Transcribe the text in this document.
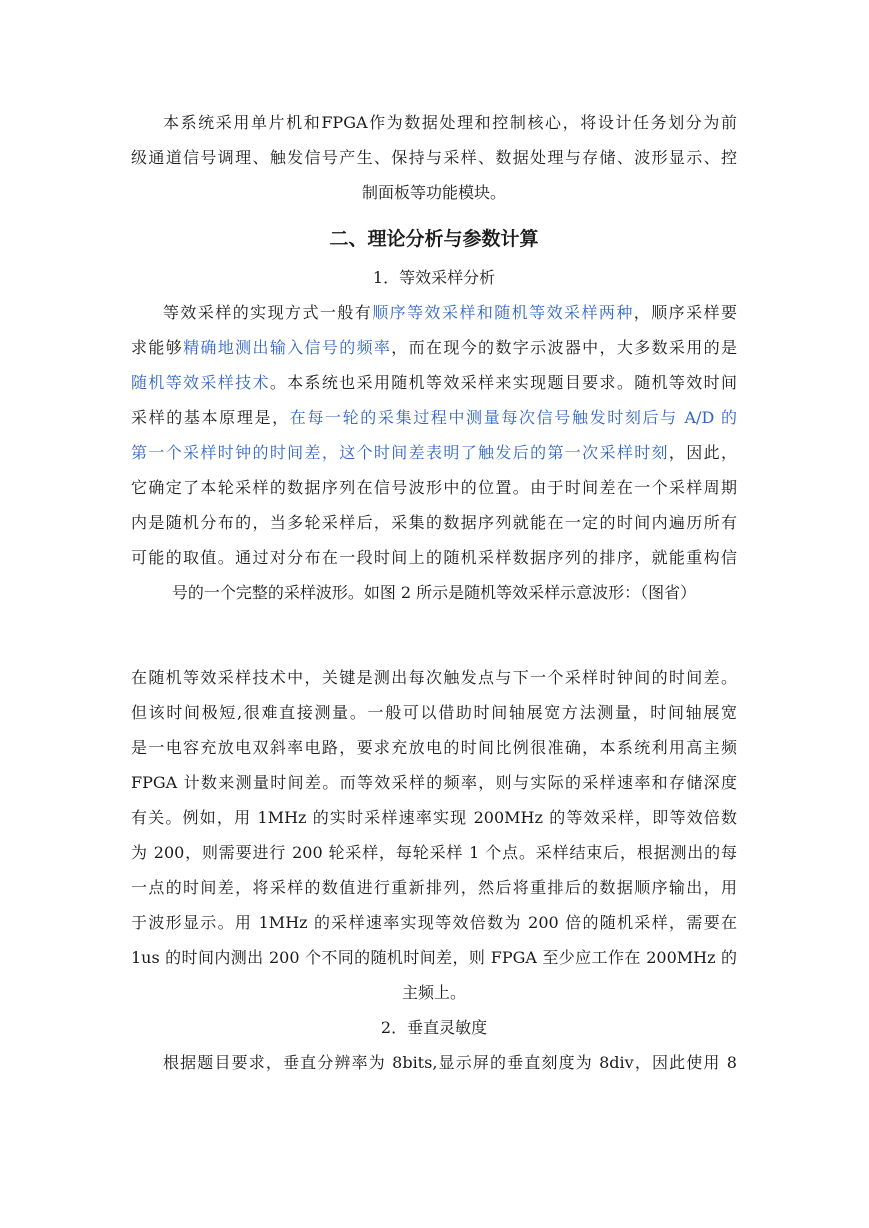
本系统采用单片机和FPGA作为数据处理和控制核心，将设计任务划分为前
级通道信号调理、触发信号产生、保持与采样、数据处理与存储、波形显示、控
制面板等功能模块。
二、理论分析与参数计算
1．等效采样分析
等效采样的实现方式一般有顺序等效采样和随机等效采样两种，顺序采样要
求能够精确地测出输入信号的频率，而在现今的数字示波器中，大多数采用的是
随机等效采样技术。本系统也采用随机等效采样来实现题目要求。随机等效时间
采样的基本原理是，在每一轮的采集过程中测量每次信号触发时刻后与 A/D 的
第一个采样时钟的时间差，这个时间差表明了触发后的第一次采样时刻，因此，
它确定了本轮采样的数据序列在信号波形中的位置。由于时间差在一个采样周期
内是随机分布的，当多轮采样后，采集的数据序列就能在一定的时间内遍历所有
可能的取值。通过对分布在一段时间上的随机采样数据序列的排序，就能重构信
号的一个完整的采样波形。如图 2 所示是随机等效采样示意波形：（图省）
在随机等效采样技术中，关键是测出每次触发点与下一个采样时钟间的时间差。
但该时间极短,很难直接测量。一般可以借助时间轴展宽方法测量，时间轴展宽
是一电容充放电双斜率电路，要求充放电的时间比例很准确，本系统利用高主频
FPGA 计数来测量时间差。而等效采样的频率，则与实际的采样速率和存储深度
有关。例如，用 1MHz 的实时采样速率实现 200MHz 的等效采样，即等效倍数
为 200，则需要进行 200 轮采样，每轮采样 1 个点。采样结束后，根据测出的每
一点的时间差，将采样的数值进行重新排列，然后将重排后的数据顺序输出，用
于波形显示。用 1MHz 的采样速率实现等效倍数为 200 倍的随机采样，需要在
1us 的时间内测出 200 个不同的随机时间差，则 FPGA 至少应工作在 200MHz 的
主频上。
2．垂直灵敏度
根据题目要求，垂直分辨率为 8bits,显示屏的垂直刻度为 8div，因此使用 8
